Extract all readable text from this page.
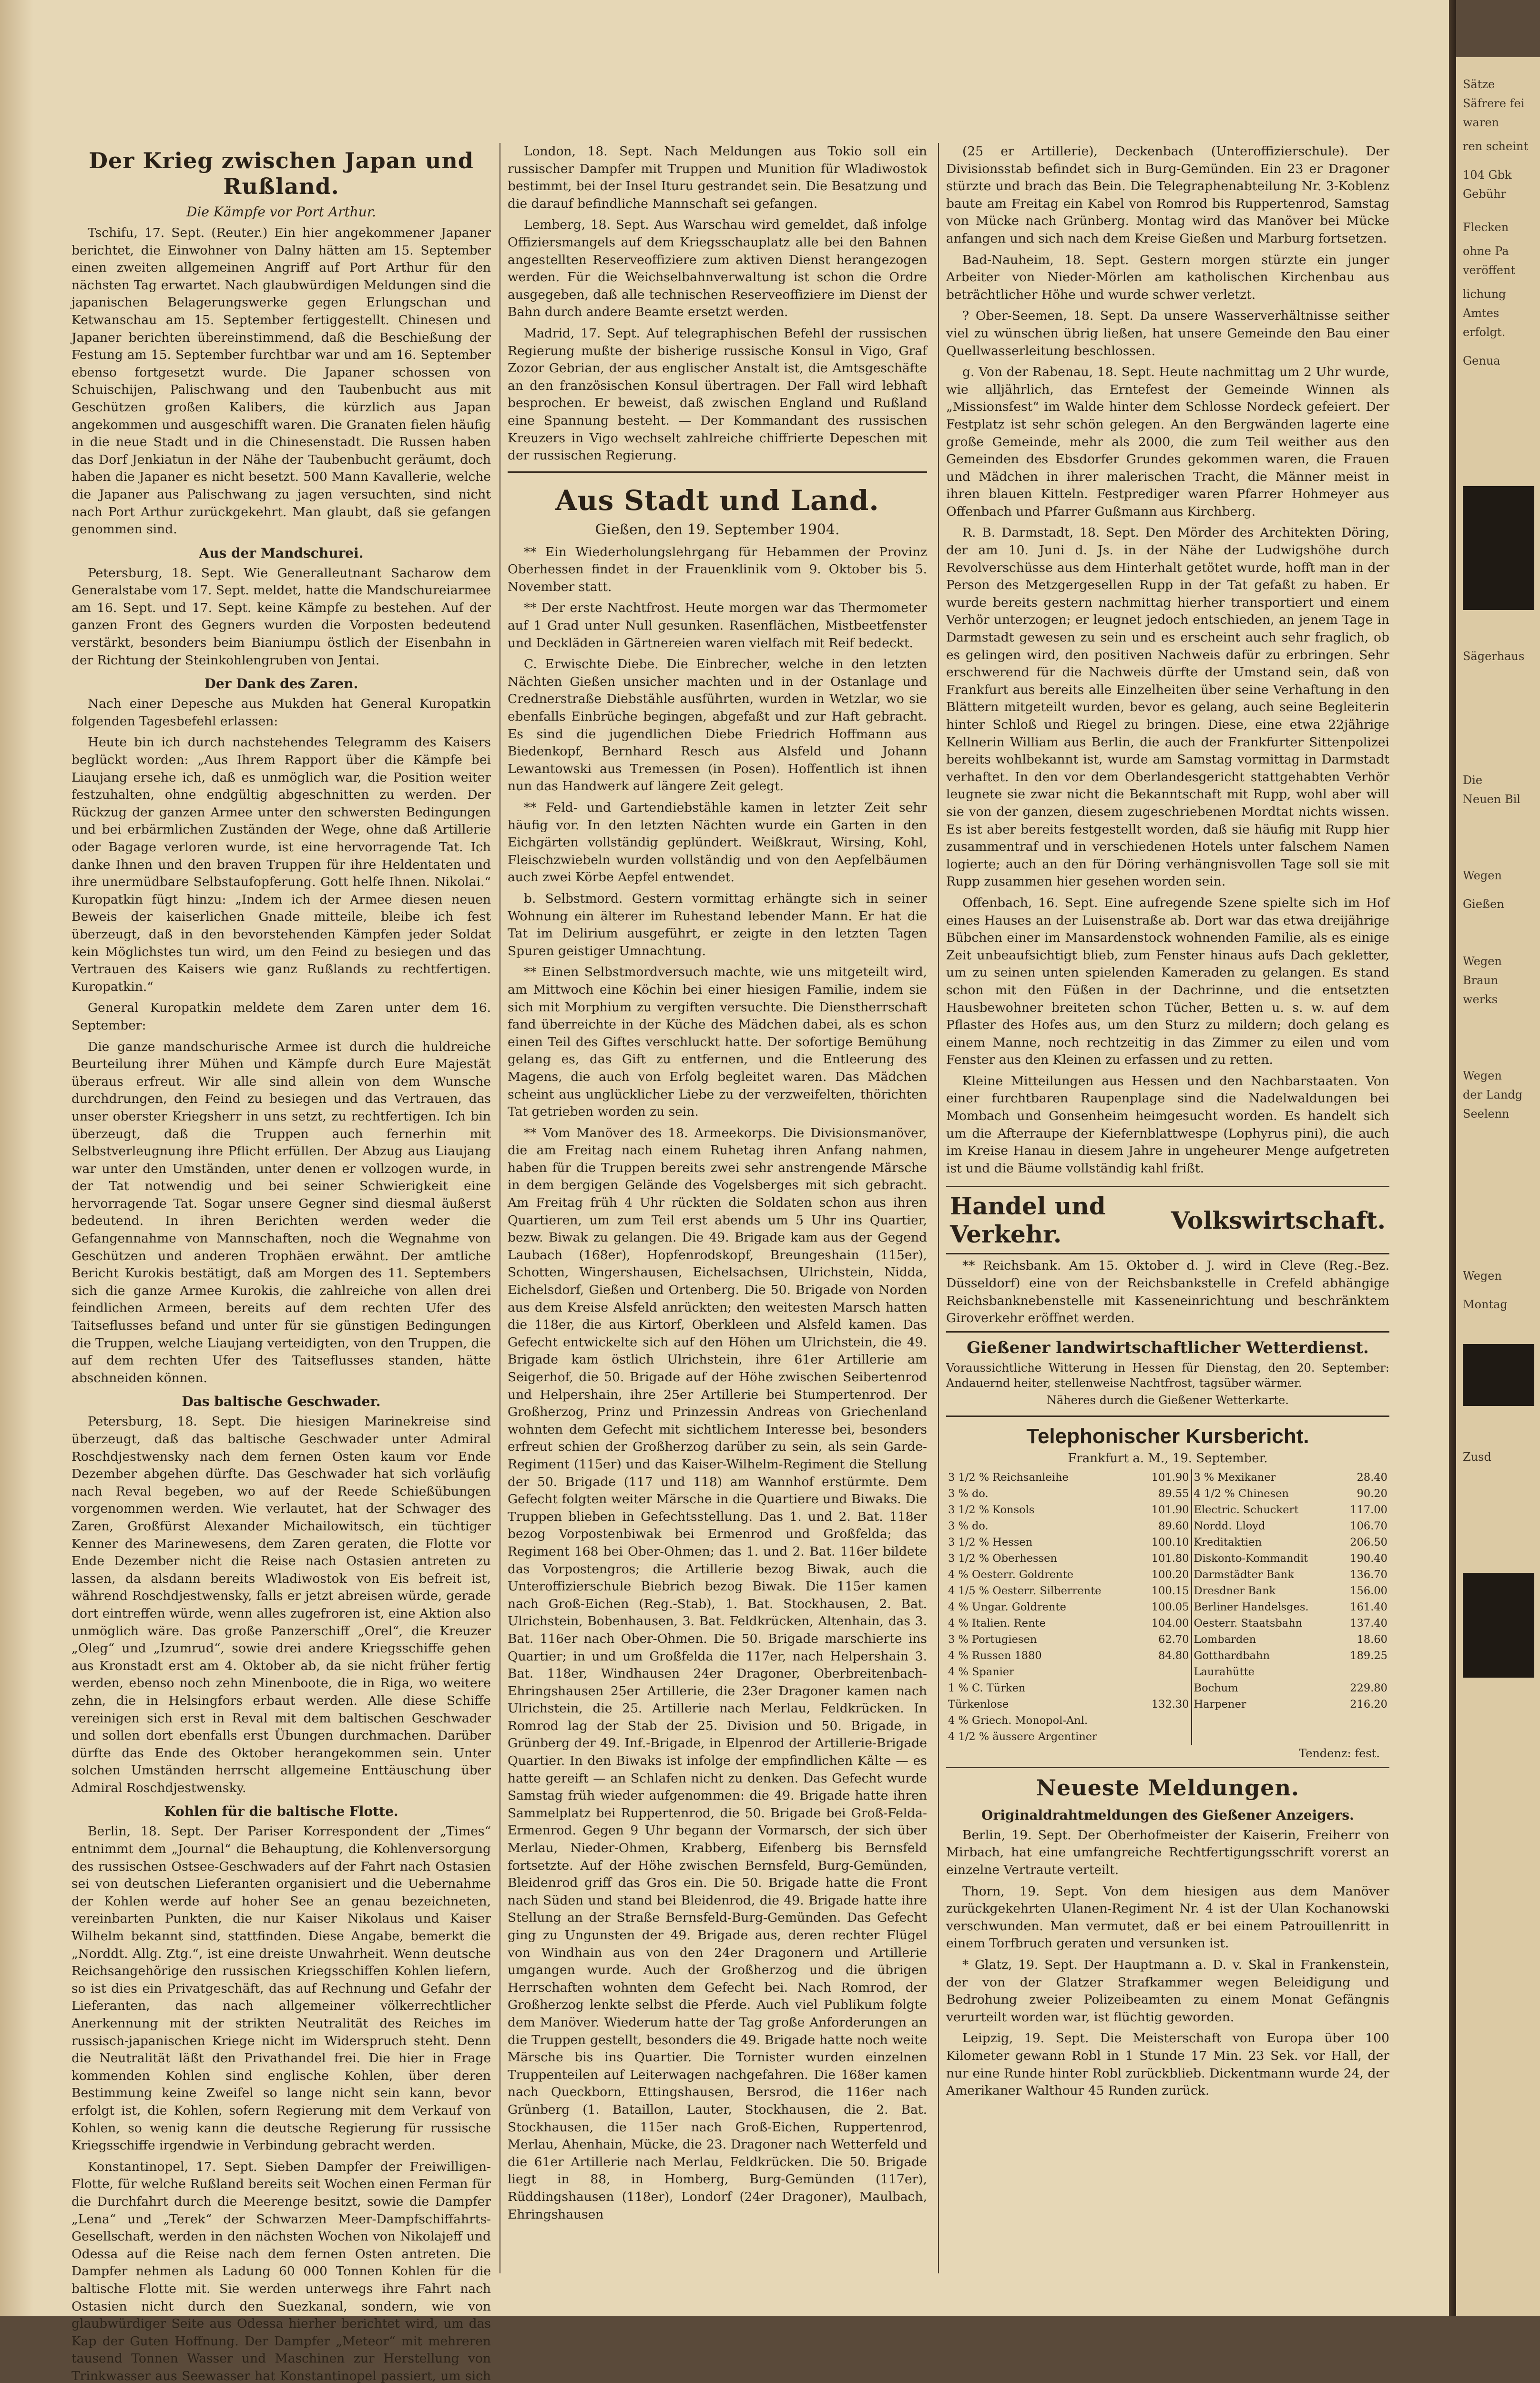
Der Krieg zwischen Japan und Rußland.
Die Kämpfe vor Port Arthur.

Tschifu, 17. Sept. (Reuter.) Ein hier angekommener Japaner berichtet, die Einwohner von Dalny hätten am 15. September einen zweiten allgemeinen Angriff auf Port Arthur für den nächsten Tag erwartet. Nach glaubwürdigen Meldungen sind die japanischen Belagerungswerke gegen Erlungschan und Ketwanschau am 15. September fertiggestellt. Chinesen und Japaner berichten übereinstimmend, daß die Beschießung der Festung am 15. September furchtbar war und am 16. September ebenso fortgesetzt wurde. Die Japaner schossen von Schuischijen, Palischwang und den Taubenbucht aus mit Geschützen großen Kalibers, die kürzlich aus Japan angekommen und ausgeschifft waren. Die Granaten fielen häufig in die neue Stadt und in die Chinesenstadt. Die Russen haben das Dorf Jenkiatun in der Nähe der Taubenbucht geräumt, doch haben die Japaner es nicht besetzt. 500 Mann Kavallerie, welche die Japaner aus Palischwang zu jagen versuchten, sind nicht nach Port Arthur zurückgekehrt. Man glaubt, daß sie gefangen genommen sind.

Aus der Mandschurei.

Petersburg, 18. Sept. Wie Generalleutnant Sacharow dem Generalstabe vom 17. Sept. meldet, hatte die Mandschureiarmee am 16. Sept. und 17. Sept. keine Kämpfe zu bestehen. Auf der ganzen Front des Gegners wurden die Vorposten bedeutend verstärkt, besonders beim Bianiumpu östlich der Eisenbahn in der Richtung der Steinkohlengruben von Jentai.

Der Dank des Zaren.

Nach einer Depesche aus Mukden hat General Kuropatkin folgenden Tagesbefehl erlassen:

Heute bin ich durch nachstehendes Telegramm des Kaisers beglückt worden: „Aus Ihrem Rapport über die Kämpfe bei Liaujang ersehe ich, daß es unmöglich war, die Position weiter festzuhalten, ohne endgültig abgeschnitten zu werden. Der Rückzug der ganzen Armee unter den schwersten Bedingungen und bei erbärmlichen Zuständen der Wege, ohne daß Artillerie oder Bagage verloren wurde, ist eine hervorragende Tat. Ich danke Ihnen und den braven Truppen für ihre Heldentaten und ihre unermüdbare Selbstaufopferung. Gott helfe Ihnen. Nikolai.“ Kuropatkin fügt hinzu: „Indem ich der Armee diesen neuen Beweis der kaiserlichen Gnade mitteile, bleibe ich fest überzeugt, daß in den bevorstehenden Kämpfen jeder Soldat kein Möglichstes tun wird, um den Feind zu besiegen und das Vertrauen des Kaisers wie ganz Rußlands zu rechtfertigen. Kuropatkin.“

General Kuropatkin meldete dem Zaren unter dem 16. September:

Die ganze mandschurische Armee ist durch die huldreiche Beurteilung ihrer Mühen und Kämpfe durch Eure Majestät überaus erfreut. Wir alle sind allein von dem Wunsche durchdrungen, den Feind zu besiegen und das Vertrauen, das unser oberster Kriegsherr in uns setzt, zu rechtfertigen. Ich bin überzeugt, daß die Truppen auch fernerhin mit Selbstverleugnung ihre Pflicht erfüllen. Der Abzug aus Liaujang war unter den Umständen, unter denen er vollzogen wurde, in der Tat notwendig und bei seiner Schwierigkeit eine hervorragende Tat. Sogar unsere Gegner sind diesmal äußerst bedeutend. In ihren Berichten werden weder die Gefangennahme von Mannschaften, noch die Wegnahme von Geschützen und anderen Trophäen erwähnt. Der amtliche Bericht Kurokis bestätigt, daß am Morgen des 11. Septembers sich die ganze Armee Kurokis, die zahlreiche von allen drei feindlichen Armeen, bereits auf dem rechten Ufer des Taitseflusses befand und unter für sie günstigen Bedingungen die Truppen, welche Liaujang verteidigten, von den Truppen, die auf dem rechten Ufer des Taitseflusses standen, hätte abschneiden können.

Das baltische Geschwader.

Petersburg, 18. Sept. Die hiesigen Marinekreise sind überzeugt, daß das baltische Geschwader unter Admiral Roschdjestwensky nach dem fernen Osten kaum vor Ende Dezember abgehen dürfte. Das Geschwader hat sich vorläufig nach Reval begeben, wo auf der Reede Schießübungen vorgenommen werden. Wie verlautet, hat der Schwager des Zaren, Großfürst Alexander Michailowitsch, ein tüchtiger Kenner des Marinewesens, dem Zaren geraten, die Flotte vor Ende Dezember nicht die Reise nach Ostasien antreten zu lassen, da alsdann bereits Wladiwostok von Eis befreit ist, während Roschdjestwensky, falls er jetzt abreisen würde, gerade dort eintreffen würde, wenn alles zugefroren ist, eine Aktion also unmöglich wäre. Das große Panzerschiff „Orel“, die Kreuzer „Oleg“ und „Izumrud“, sowie drei andere Kriegsschiffe gehen aus Kronstadt erst am 4. Oktober ab, da sie nicht früher fertig werden, ebenso noch zehn Minenboote, die in Riga, wo weitere zehn, die in Helsingfors erbaut werden. Alle diese Schiffe vereinigen sich erst in Reval mit dem baltischen Geschwader und sollen dort ebenfalls erst Übungen durchmachen. Darüber dürfte das Ende des Oktober herangekommen sein. Unter solchen Umständen herrscht allgemeine Enttäuschung über Admiral Roschdjestwensky.

Kohlen für die baltische Flotte.

Berlin, 18. Sept. Der Pariser Korrespondent der „Times“ entnimmt dem „Journal“ die Behauptung, die Kohlenversorgung des russischen Ostsee-Geschwaders auf der Fahrt nach Ostasien sei von deutschen Lieferanten organisiert und die Uebernahme der Kohlen werde auf hoher See an genau bezeichneten, vereinbarten Punkten, die nur Kaiser Nikolaus und Kaiser Wilhelm bekannt sind, stattfinden. Diese Angabe, bemerkt die „Norddt. Allg. Ztg.“, ist eine dreiste Unwahrheit. Wenn deutsche Reichsangehörige den russischen Kriegsschiffen Kohlen liefern, so ist dies ein Privatgeschäft, das auf Rechnung und Gefahr der Lieferanten, das nach allgemeiner völkerrechtlicher Anerkennung mit der strikten Neutralität des Reiches im russisch-japanischen Kriege nicht im Widerspruch steht. Denn die Neutralität läßt den Privathandel frei. Die hier in Frage kommenden Kohlen sind englische Kohlen, über deren Bestimmung keine Zweifel so lange nicht sein kann, bevor erfolgt ist, die Kohlen, sofern Regierung mit dem Verkauf von Kohlen, so wenig kann die deutsche Regierung für russische Kriegsschiffe irgendwie in Verbindung gebracht werden.

Konstantinopel, 17. Sept. Sieben Dampfer der Freiwilligen-Flotte, für welche Rußland bereits seit Wochen einen Ferman für die Durchfahrt durch die Meerenge besitzt, sowie die Dampfer „Lena“ und „Terek“ der Schwarzen Meer-Dampfschiffahrts-Gesellschaft, werden in den nächsten Wochen von Nikolajeff und Odessa auf die Reise nach dem fernen Osten antreten. Die Dampfer nehmen als Ladung 60 000 Tonnen Kohlen für die baltische Flotte mit. Sie werden unterwegs ihre Fahrt nach Ostasien nicht durch den Suezkanal, sondern, wie von glaubwürdiger Seite aus Odessa hierher berichtet wird, um das Kap der Guten Hoffnung. Der Dampfer „Meteor“ mit mehreren tausend Tonnen Wasser und Maschinen zur Herstellung von Trinkwasser aus Seewasser hat Konstantinopel passiert, um sich

London, 18. Sept. Nach Meldungen aus Tokio soll ein russischer Dampfer mit Truppen und Munition für Wladiwostok bestimmt, bei der Insel Ituru gestrandet sein. Die Besatzung und die darauf befindliche Mannschaft sei gefangen.

Lemberg, 18. Sept. Aus Warschau wird gemeldet, daß infolge Offiziersmangels auf dem Kriegsschauplatz alle bei den Bahnen angestellten Reserveoffiziere zum aktiven Dienst herangezogen werden. Für die Weichselbahnverwaltung ist schon die Ordre ausgegeben, daß alle technischen Reserveoffiziere im Dienst der Bahn durch andere Beamte ersetzt werden.

Madrid, 17. Sept. Auf telegraphischen Befehl der russischen Regierung mußte der bisherige russische Konsul in Vigo, Graf Zozor Gebrian, der aus englischer Anstalt ist, die Amtsgeschäfte an den französischen Konsul übertragen. Der Fall wird lebhaft besprochen. Er beweist, daß zwischen England und Rußland eine Spannung besteht. — Der Kommandant des russischen Kreuzers in Vigo wechselt zahlreiche chiffrierte Depeschen mit der russischen Regierung.

Aus Stadt und Land.
Gießen, den 19. September 1904.

** Ein Wiederholungslehrgang für Hebammen der Provinz Oberhessen findet in der Frauenklinik vom 9. Oktober bis 5. November statt.

** Der erste Nachtfrost. Heute morgen war das Thermometer auf 1 Grad unter Null gesunken. Rasenflächen, Mistbeetfenster und Deckläden in Gärtnereien waren vielfach mit Reif bedeckt.

C. Erwischte Diebe. Die Einbrecher, welche in den letzten Nächten Gießen unsicher machten und in der Ostanlage und Crednerstraße Diebstähle ausführten, wurden in Wetzlar, wo sie ebenfalls Einbrüche begingen, abgefaßt und zur Haft gebracht. Es sind die jugendlichen Diebe Friedrich Hoffmann aus Biedenkopf, Bernhard Resch aus Alsfeld und Johann Lewantowski aus Tremessen (in Posen). Hoffentlich ist ihnen nun das Handwerk auf längere Zeit gelegt.

** Feld- und Gartendiebstähle kamen in letzter Zeit sehr häufig vor. In den letzten Nächten wurde ein Garten in den Eichgärten vollständig geplündert. Weißkraut, Wirsing, Kohl, Fleischzwiebeln wurden vollständig und von den Aepfelbäumen auch zwei Körbe Aepfel entwendet.

b. Selbstmord. Gestern vormittag erhängte sich in seiner Wohnung ein älterer im Ruhestand lebender Mann. Er hat die Tat im Delirium ausgeführt, er zeigte in den letzten Tagen Spuren geistiger Umnachtung.

** Einen Selbstmordversuch machte, wie uns mitgeteilt wird, am Mittwoch eine Köchin bei einer hiesigen Familie, indem sie sich mit Morphium zu vergiften versuchte. Die Dienstherrschaft fand überreichte in der Küche des Mädchen dabei, als es schon einen Teil des Giftes verschluckt hatte. Der sofortige Bemühung gelang es, das Gift zu entfernen, und die Entleerung des Magens, die auch von Erfolg begleitet waren. Das Mädchen scheint aus unglücklicher Liebe zu der verzweifelten, thörichten Tat getrieben worden zu sein.

** Vom Manöver des 18. Armeekorps. Die Divisionsmanöver, die am Freitag nach einem Ruhetag ihren Anfang nahmen, haben für die Truppen bereits zwei sehr anstrengende Märsche in dem bergigen Gelände des Vogelsberges mit sich gebracht. Am Freitag früh 4 Uhr rückten die Soldaten schon aus ihren Quartieren, um zum Teil erst abends um 5 Uhr ins Quartier, bezw. Biwak zu gelangen. Die 49. Brigade kam aus der Gegend Laubach (168er), Hopfenrodskopf, Breungeshain (115er), Schotten, Wingershausen, Eichelsachsen, Ulrichstein, Nidda, Eichelsdorf, Gießen und Ortenberg. Die 50. Brigade von Norden aus dem Kreise Alsfeld anrückten; den weitesten Marsch hatten die 118er, die aus Kirtorf, Oberkleen und Alsfeld kamen. Das Gefecht entwickelte sich auf den Höhen um Ulrichstein, die 49. Brigade kam östlich Ulrichstein, ihre 61er Artillerie am Seigerhof, die 50. Brigade auf der Höhe zwischen Seibertenrod und Helpershain, ihre 25er Artillerie bei Stumpertenrod. Der Großherzog, Prinz und Prinzessin Andreas von Griechenland wohnten dem Gefecht mit sichtlichem Interesse bei, besonders erfreut schien der Großherzog darüber zu sein, als sein Garde-Regiment (115er) und das Kaiser-Wilhelm-Regiment die Stellung der 50. Brigade (117 und 118) am Wannhof erstürmte. Dem Gefecht folgten weiter Märsche in die Quartiere und Biwaks. Die Truppen blieben in Gefechtsstellung. Das 1. und 2. Bat. 118er bezog Vorpostenbiwak bei Ermenrod und Großfelda; das Regiment 168 bei Ober-Ohmen; das 1. und 2. Bat. 116er bildete das Vorpostengros; die Artillerie bezog Biwak, auch die Unteroffizierschule Biebrich bezog Biwak. Die 115er kamen nach Groß-Eichen (Reg.-Stab), 1. Bat. Stockhausen, 2. Bat. Ulrichstein, Bobenhausen, 3. Bat. Feldkrücken, Altenhain, das 3. Bat. 116er nach Ober-Ohmen. Die 50. Brigade marschierte ins Quartier; in und um Großfelda die 117er, nach Helpershain 3. Bat. 118er, Windhausen 24er Dragoner, Oberbreitenbach-Ehringshausen 25er Artillerie, die 23er Dragoner kamen nach Ulrichstein, die 25. Artillerie nach Merlau, Feldkrücken. In Romrod lag der Stab der 25. Division und 50. Brigade, in Grünberg der 49. Inf.-Brigade, in Elpenrod der Artillerie-Brigade Quartier. In den Biwaks ist infolge der empfindlichen Kälte — es hatte gereift — an Schlafen nicht zu denken. Das Gefecht wurde Samstag früh wieder aufgenommen: die 49. Brigade hatte ihren Sammelplatz bei Ruppertenrod, die 50. Brigade bei Groß-Felda-Ermenrod. Gegen 9 Uhr begann der Vormarsch, der sich über Merlau, Nieder-Ohmen, Krabberg, Eifenberg bis Bernsfeld fortsetzte. Auf der Höhe zwischen Bernsfeld, Burg-Gemünden, Bleidenrod griff das Gros ein. Die 50. Brigade hatte die Front nach Süden und stand bei Bleidenrod, die 49. Brigade hatte ihre Stellung an der Straße Bernsfeld-Burg-Gemünden. Das Gefecht ging zu Ungunsten der 49. Brigade aus, deren rechter Flügel von Windhain aus von den 24er Dragonern und Artillerie umgangen wurde. Auch der Großherzog und die übrigen Herrschaften wohnten dem Gefecht bei. Nach Romrod, der Großherzog lenkte selbst die Pferde. Auch viel Publikum folgte dem Manöver. Wiederum hatte der Tag große Anforderungen an die Truppen gestellt, besonders die 49. Brigade hatte noch weite Märsche bis ins Quartier. Die Tornister wurden einzelnen Truppenteilen auf Leiterwagen nachgefahren. Die 168er kamen nach Queckborn, Ettingshausen, Bersrod, die 116er nach Grünberg (1. Bataillon, Lauter, Stockhausen, die 2. Bat. Stockhausen, die 115er nach Groß-Eichen, Ruppertenrod, Merlau, Ahenhain, Mücke, die 23. Dragoner nach Wetterfeld und die 61er Artillerie nach Merlau, Feldkrücken. Die 50. Brigade liegt in 88, in Homberg, Burg-Gemünden (117er), Rüddingshausen (118er), Londorf (24er Dragoner), Maulbach, Ehringshausen

(25 er Artillerie), Deckenbach (Unteroffizierschule). Der Divisionsstab befindet sich in Burg-Gemünden. Ein 23 er Dragoner stürzte und brach das Bein. Die Telegraphenabteilung Nr. 3-Koblenz baute am Freitag ein Kabel von Romrod bis Ruppertenrod, Samstag von Mücke nach Grünberg. Montag wird das Manöver bei Mücke anfangen und sich nach dem Kreise Gießen und Marburg fortsetzen.

Bad-Nauheim, 18. Sept. Gestern morgen stürzte ein junger Arbeiter von Nieder-Mörlen am katholischen Kirchenbau aus beträchtlicher Höhe und wurde schwer verletzt.

? Ober-Seemen, 18. Sept. Da unsere Wasserverhältnisse seither viel zu wünschen übrig ließen, hat unsere Gemeinde den Bau einer Quellwasserleitung beschlossen.

g. Von der Rabenau, 18. Sept. Heute nachmittag um 2 Uhr wurde, wie alljährlich, das Erntefest der Gemeinde Winnen als „Missionsfest“ im Walde hinter dem Schlosse Nordeck gefeiert. Der Festplatz ist sehr schön gelegen. An den Bergwänden lagerte eine große Gemeinde, mehr als 2000, die zum Teil weither aus den Gemeinden des Ebsdorfer Grundes gekommen waren, die Frauen und Mädchen in ihrer malerischen Tracht, die Männer meist in ihren blauen Kitteln. Festprediger waren Pfarrer Hohmeyer aus Offenbach und Pfarrer Gußmann aus Kirchberg.

R. B. Darmstadt, 18. Sept. Den Mörder des Architekten Döring, der am 10. Juni d. Js. in der Nähe der Ludwigshöhe durch Revolverschüsse aus dem Hinterhalt getötet wurde, hofft man in der Person des Metzgergesellen Rupp in der Tat gefaßt zu haben. Er wurde bereits gestern nachmittag hierher transportiert und einem Verhör unterzogen; er leugnet jedoch entschieden, an jenem Tage in Darmstadt gewesen zu sein und es erscheint auch sehr fraglich, ob es gelingen wird, den positiven Nachweis dafür zu erbringen. Sehr erschwerend für die Nachweis dürfte der Umstand sein, daß von Frankfurt aus bereits alle Einzelheiten über seine Verhaftung in den Blättern mitgeteilt wurden, bevor es gelang, auch seine Begleiterin hinter Schloß und Riegel zu bringen. Diese, eine etwa 22jährige Kellnerin William aus Berlin, die auch der Frankfurter Sittenpolizei bereits wohlbekannt ist, wurde am Samstag vormittag in Darmstadt verhaftet. In den vor dem Oberlandesgericht stattgehabten Verhör leugnete sie zwar nicht die Bekanntschaft mit Rupp, wohl aber will sie von der ganzen, diesem zugeschriebenen Mordtat nichts wissen. Es ist aber bereits festgestellt worden, daß sie häufig mit Rupp hier zusammentraf und in verschiedenen Hotels unter falschem Namen logierte; auch an den für Döring verhängnisvollen Tage soll sie mit Rupp zusammen hier gesehen worden sein.

Offenbach, 16. Sept. Eine aufregende Szene spielte sich im Hof eines Hauses an der Luisenstraße ab. Dort war das etwa dreijährige Bübchen einer im Mansardenstock wohnenden Familie, als es einige Zeit unbeaufsichtigt blieb, zum Fenster hinaus aufs Dach gekletter, um zu seinen unten spielenden Kameraden zu gelangen. Es stand schon mit den Füßen in der Dachrinne, und die entsetzten Hausbewohner breiteten schon Tücher, Betten u. s. w. auf dem Pflaster des Hofes aus, um den Sturz zu mildern; doch gelang es einem Manne, noch rechtzeitig in das Zimmer zu eilen und vom Fenster aus den Kleinen zu erfassen und zu retten.

Kleine Mitteilungen aus Hessen und den Nachbarstaaten. Von einer furchtbaren Raupenplage sind die Nadelwaldungen bei Mombach und Gonsenheim heimgesucht worden. Es handelt sich um die Afterraupe der Kiefernblattwespe (Lophyrus pini), die auch im Kreise Hanau in diesem Jahre in ungeheurer Menge aufgetreten ist und die Bäume vollständig kahl frißt.

Handel und Verkehr.	Volkswirtschaft.

** Reichsbank. Am 15. Oktober d. J. wird in Cleve (Reg.-Bez. Düsseldorf) eine von der Reichsbankstelle in Crefeld abhängige Reichsbanknebenstelle mit Kasseneinrichtung und beschränktem Giroverkehr eröffnet werden.

Gießener landwirtschaftlicher Wetterdienst.

Voraussichtliche Witterung in Hessen für Dienstag, den 20. September: Andauernd heiter, stellenweise Nachtfrost, tagsüber wärmer.

Näheres durch die Gießener Wetterkarte.
Telephonischer Kursbericht.
Frankfurt a. M., 19. September.
3 1/2 % Reichsanleihe	101.90	3 % Mexikaner	28.40
3 % do.	89.55	4 1/2 % Chinesen	90.20
3 1/2 % Konsols	101.90	Electric. Schuckert	117.00
3 % do.	89.60	Nordd. Lloyd	106.70
3 1/2 % Hessen	100.10	Kreditaktien	206.50
3 1/2 % Oberhessen	101.80	Diskonto-Kommandit	190.40
4 % Oesterr. Goldrente	100.20	Darmstädter Bank	136.70
4 1/5 % Oesterr. Silberrente	100.15	Dresdner Bank	156.00
4 % Ungar. Goldrente	100.05	Berliner Handelsges.	161.40
4 % Italien. Rente	104.00	Oesterr. Staatsbahn	137.40
3 % Portugiesen	62.70	Lombarden	18.60
4 % Russen 1880	84.80	Gotthardbahn	189.25
4 % Spanier		Laurahütte	
1 % C. Türken		Bochum	229.80
Türkenlose	132.30	Harpener	216.20
4 % Griech. Monopol-Anl.			
4 1/2 % äussere Argentiner			
Tendenz: fest.
Neueste Meldungen.
Originaldrahtmeldungen des Gießener Anzeigers.

Berlin, 19. Sept. Der Oberhofmeister der Kaiserin, Freiherr von Mirbach, hat eine umfangreiche Rechtfertigungsschrift vorerst an einzelne Vertraute verteilt.

Thorn, 19. Sept. Von dem hiesigen aus dem Manöver zurückgekehrten Ulanen-Regiment Nr. 4 ist der Ulan Kochanowski verschwunden. Man vermutet, daß er bei einem Patrouillenritt in einem Torfbruch geraten und versunken ist.

* Glatz, 19. Sept. Der Hauptmann a. D. v. Skal in Frankenstein, der von der Glatzer Strafkammer wegen Beleidigung und Bedrohung zweier Polizeibeamten zu einem Monat Gefängnis verurteilt worden war, ist flüchtig geworden.

Leipzig, 19. Sept. Die Meisterschaft von Europa über 100 Kilometer gewann Robl in 1 Stunde 17 Min. 23 Sek. vor Hall, der nur eine Runde hinter Robl zurückblieb. Dickentmann wurde 24, der Amerikaner Walthour 45 Runden zurück.

Sätze
Säfrere fei
waren
ren scheint
104 Gbk
Gebühr
Flecken
ohne Pa
veröffent
lichung
Amtes
erfolgt.
Genua
Sägerhaus
Die
Neuen Bil
Wegen
Gießen
Wegen
Braun
werks
Wegen
der Landg
Seelenn
Wegen
Montag
Zusd
